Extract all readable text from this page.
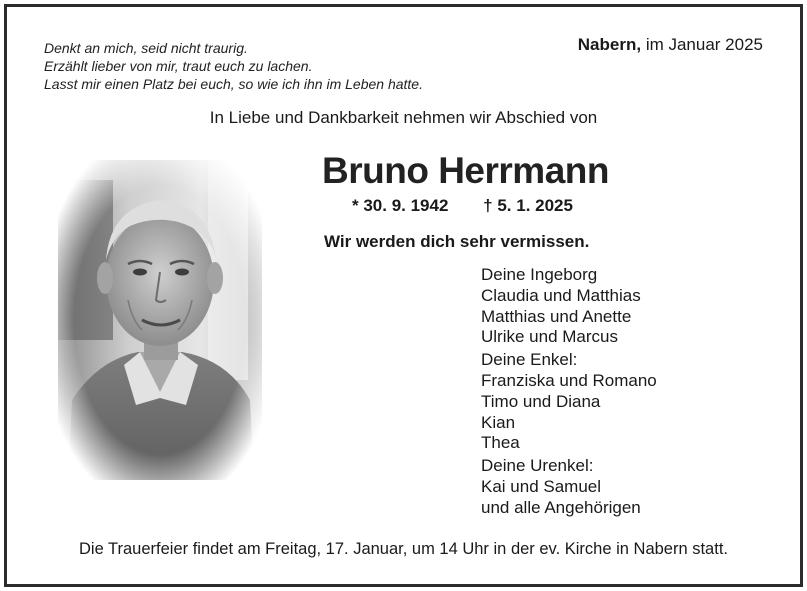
Denkt an mich, seid nicht traurig.
Erzählt lieber von mir, traut euch zu lachen.
Lasst mir einen Platz bei euch, so wie ich ihn im Leben hatte.
Nabern, im Januar 2025
In Liebe und Dankbarkeit nehmen wir Abschied von
Bruno Herrmann
* 30. 9. 1942 † 5. 1. 2025
Wir werden dich sehr vermissen.
Deine Ingeborg
Claudia und Matthias
Matthias und Anette
Ulrike und Marcus
Deine Enkel:
Franziska und Romano
Timo und Diana
Kian
Thea
Deine Urenkel:
Kai und Samuel
und alle Angehörigen
Die Trauerfeier findet am Freitag, 17. Januar, um 14 Uhr in der ev. Kirche in Nabern statt.
